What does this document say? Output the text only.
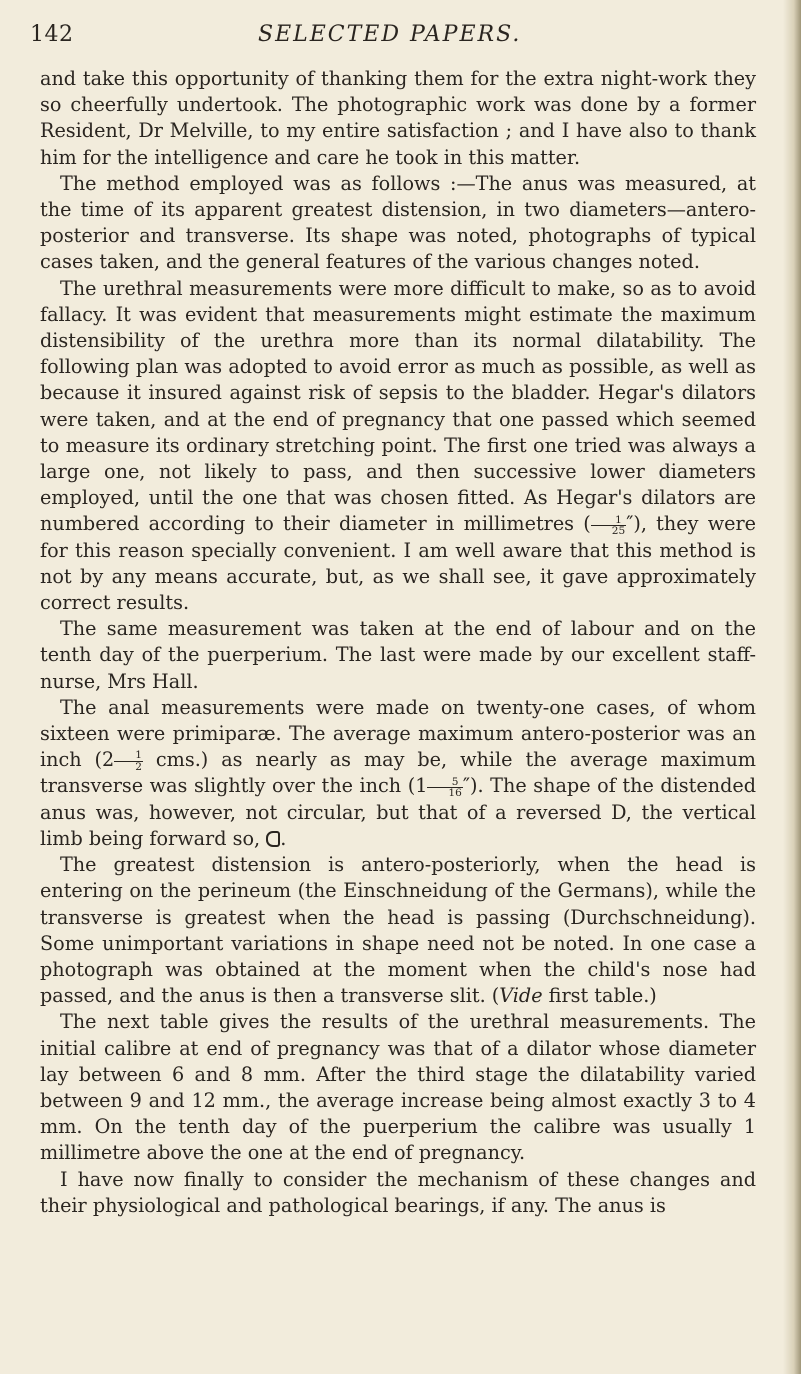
142	SELECTED PAPERS.

and take this opportunity of thanking them for the extra night-work they so cheerfully undertook. The photographic work was done by a former Resident, Dr Melville, to my entire satisfaction ; and I have also to thank him for the intelligence and care he took in this matter.

The method employed was as follows :—The anus was measured, at the time of its apparent greatest distension, in two diameters—antero-posterior and transverse. Its shape was noted, photographs of typical cases taken, and the general features of the various changes noted.

The urethral measurements were more difficult to make, so as to avoid fallacy. It was evident that measurements might estimate the maximum distensibility of the urethra more than its normal dilatability. The following plan was adopted to avoid error as much as possible, as well as because it insured against risk of sepsis to the bladder. Hegar's dilators were taken, and at the end of pregnancy that one passed which seemed to measure its ordinary stretching point. The first one tried was always a large one, not likely to pass, and then successive lower diameters employed, until the one that was chosen fitted. As Hegar's dilators are numbered according to their diameter in millimetres ( $\frac{1}{25}$ ″), they were for this reason specially convenient. I am well aware that this method is not by any means accurate, but, as we shall see, it gave approximately correct results.

The same measurement was taken at the end of labour and on the tenth day of the puerperium. The last were made by our excellent staff-nurse, Mrs Hall.

The anal measurements were made on twenty-one cases, of whom sixteen were primiparæ. The average maximum antero-posterior was an inch $(2 \frac{1}{2} cms.)$ as nearly as may be, while the average maximum transverse was slightly over the inch ($1 \frac{5}{16}$ ″). The shape of the distended anus was, however, not circular, but that of a reversed D, the vertical limb being forward so, .

The greatest distension is antero-posteriorly, when the head is entering on the perineum (the Einschneidung of the Germans), while the transverse is greatest when the head is passing (Durchschneidung). Some unimportant variations in shape need not be noted. In one case a photograph was obtained at the moment when the child's nose had passed, and the anus is then a transverse slit. (Vide first table.)

The next table gives the results of the urethral measurements. The initial calibre at end of pregnancy was that of a dilator whose diameter lay between 6 and 8 mm. After the third stage the dilatability varied between 9 and 12 mm., the average increase being almost exactly 3 to 4 mm. On the tenth day of the puerperium the calibre was usually 1 millimetre above the one at the end of pregnancy.

I have now finally to consider the mechanism of these changes and their physiological and pathological bearings, if any. The anus is
